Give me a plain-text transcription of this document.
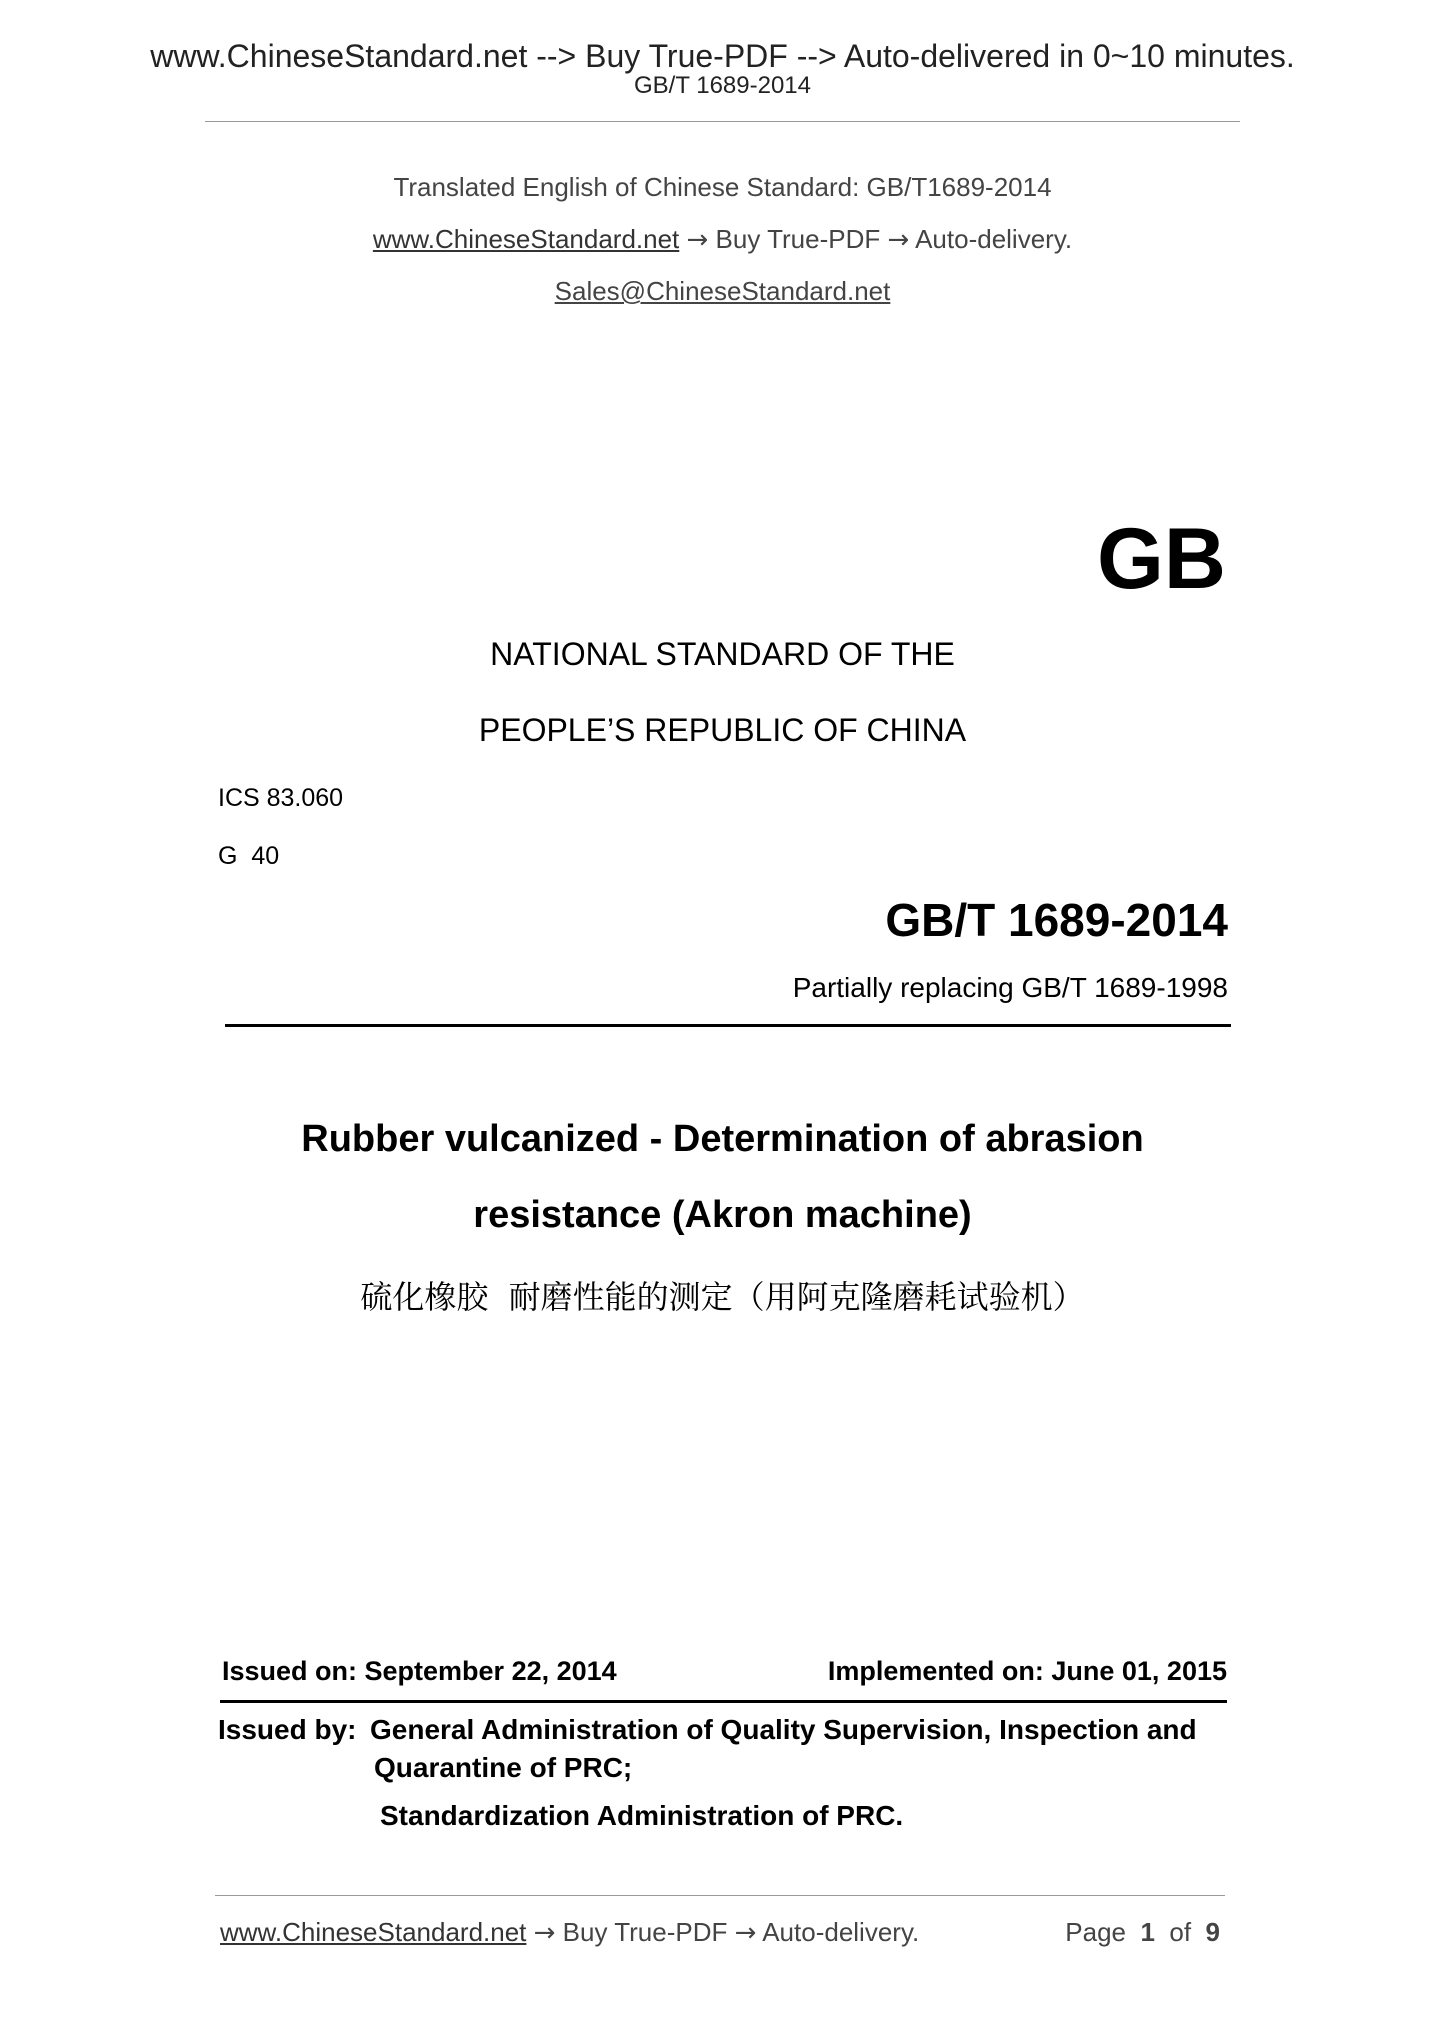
www.ChineseStandard.net --> Buy True-PDF --> Auto-delivered in 0~10 minutes.
GB/T 1689-2014
Translated English of Chinese Standard: GB/T1689-2014
www.ChineseStandard.net → Buy True-PDF → Auto-delivery.
Sales@ChineseStandard.net
GB
NATIONAL STANDARD OF THE
PEOPLE’S REPUBLIC OF CHINA
ICS 83.060
G  40
GB/T 1689-2014
Partially replacing GB/T 1689-1998
Rubber vulcanized - Determination of abrasion
resistance (Akron machine)
硫化橡胶  耐磨性能的测定（用阿克隆磨耗试验机）
Issued on: September 22, 2014	Implemented on: June 01, 2015
Issued by: General Administration of Quality Supervision, Inspection and
Quarantine of PRC;
Standardization Administration of PRC.
www.ChineseStandard.net → Buy True-PDF → Auto-delivery.	Page 1 of 9
